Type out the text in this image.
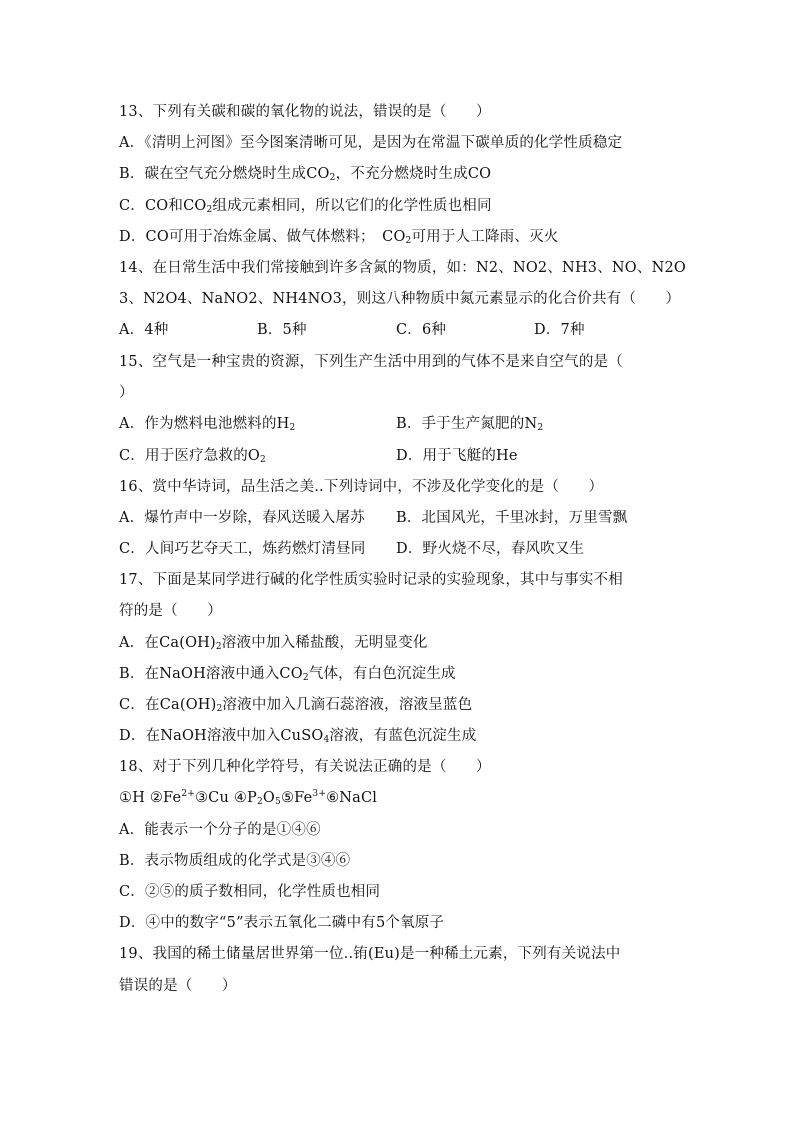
13、下列有关碳和碳的氧化物的说法，错误的是（　　）
A．《清明上河图》至今图案清晰可见，是因为在常温下碳单质的化学性质稳定
B．碳在空气充分燃烧时生成$CO_2$，不充分燃烧时生成CO
C．CO和$CO_2$组成元素相同，所以它们的化学性质也相同
D．CO可用于冶炼金属、做气体燃料；　$CO_2$可用于人工降雨、灭火
14、在日常生活中我们常接触到许多含氮的物质，如：N2、NO2、NH3、NO、N2O
3、N2O4、NaNO2、NH4NO3，则这八种物质中氮元素显示的化合价共有（　　）
A．4种	B．5种	C．6种	D．7种
15、空气是一种宝贵的资源，下列生产生活中用到的气体不是来自空气的是（
）
A．作为燃料电池燃料的$H_2$	B．手于生产氮肥的$N_2$
C．用于医疗急救的$O_2$	D．用于飞艇的He
16、赏中华诗词，品生活之美..下列诗词中，不涉及化学变化的是（　　）
A．爆竹声中一岁除，春风送暖入屠苏 B．北国风光，千里冰封，万里雪飘
C．人间巧艺夺天工，炼药燃灯清昼同 D．野火烧不尽，春风吹又生
17、下面是某同学进行碱的化学性质实验时记录的实验现象，其中与事实不相
符的是（　　）
A．在$Ca(OH)_2$溶液中加入稀盐酸，无明显变化
B．在NaOH溶液中通入$CO_2$气体，有白色沉淀生成
C．在$Ca(OH)_2$溶液中加入几滴石蕊溶液，溶液呈蓝色
D．在NaOH溶液中加入CuSO$_4$溶液，有蓝色沉淀生成
18、对于下列几种化学符号，有关说法正确的是（　　）
①H $②Fe^{2+}③Cu$ $④P_2O_5⑤Fe^{3+}⑥NaCl$
A．能表示一个分子的是①④⑥
B．表示物质组成的化学式是③④⑥
C．②⑤的质子数相同，化学性质也相同
D．④中的数字“5”表示五氧化二磷中有5个氧原子
19、我国的稀土储量居世界第一位..铕(Eu)是一种稀土元素，下列有关说法中
错误的是（　　）
